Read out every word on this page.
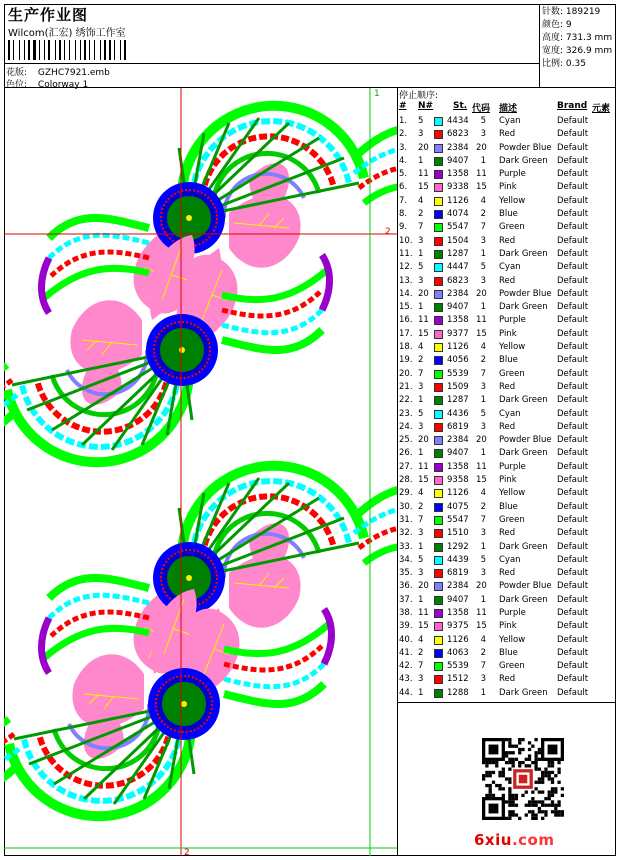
生产作业图
Wilcom(汇宏) 绣饰工作室
花版: GZHC7921.emb
色位: Colorway 1
针数: 189219
颜色: 9
高度: 731.3 mm
宽度: 326.9 mm
比例: 0.35
1
2
2
停止顺序:
# N# St. 代码 描述	Brand 元素
1. 5	4434	5 Cyan	Default
2. 3	6823	3 Red	Default
3. 20 2384 20 Powder Blue Default
4. 1	9407	1 Dark Green Default
5. 11 1358 11 Purple	Default
6. 15 9338 15 Pink	Default
7. 4	1126	4 Yellow	Default
8. 2	4074	2 Blue	Default
9. 7	5547	7 Green	Default
10. 3	1504	3 Red	Default
11. 1	1287	1 Dark Green Default
12. 5	4447	5 Cyan	Default
13. 3	6823	3 Red	Default
14. 20 2384 20 Powder Blue Default
15. 1	9407	1 Dark Green Default
16. 11 1358 11 Purple	Default
17. 15 9377 15 Pink	Default
18. 4	1126	4 Yellow	Default
19. 2	4056	2 Blue	Default
20. 7	5539	7 Green	Default
21. 3	1509	3 Red	Default
22. 1	1287	1 Dark Green Default
23. 5	4436	5 Cyan	Default
24. 3	6819	3 Red	Default
25. 20 2384 20 Powder Blue Default
26. 1	9407	1 Dark Green Default
27. 11 1358 11 Purple	Default
28. 15 9358 15 Pink	Default
29. 4	1126	4 Yellow	Default
30. 2	4075	2 Blue	Default
31. 7	5547	7 Green	Default
32. 3	1510	3 Red	Default
33. 1	1292	1 Dark Green Default
34. 5	4439	5 Cyan	Default
35. 3	6819	3 Red	Default
36. 20 2384 20 Powder Blue Default
37. 1	9407	1 Dark Green Default
38. 11 1358 11 Purple	Default
39. 15 9375 15 Pink	Default
40. 4	1126	4 Yellow	Default
41. 2	4063	2 Blue	Default
42. 7	5539	7 Green	Default
43. 3	1512	3 Red	Default
44. 1	1288	1 Dark Green Default
6xiu.com
